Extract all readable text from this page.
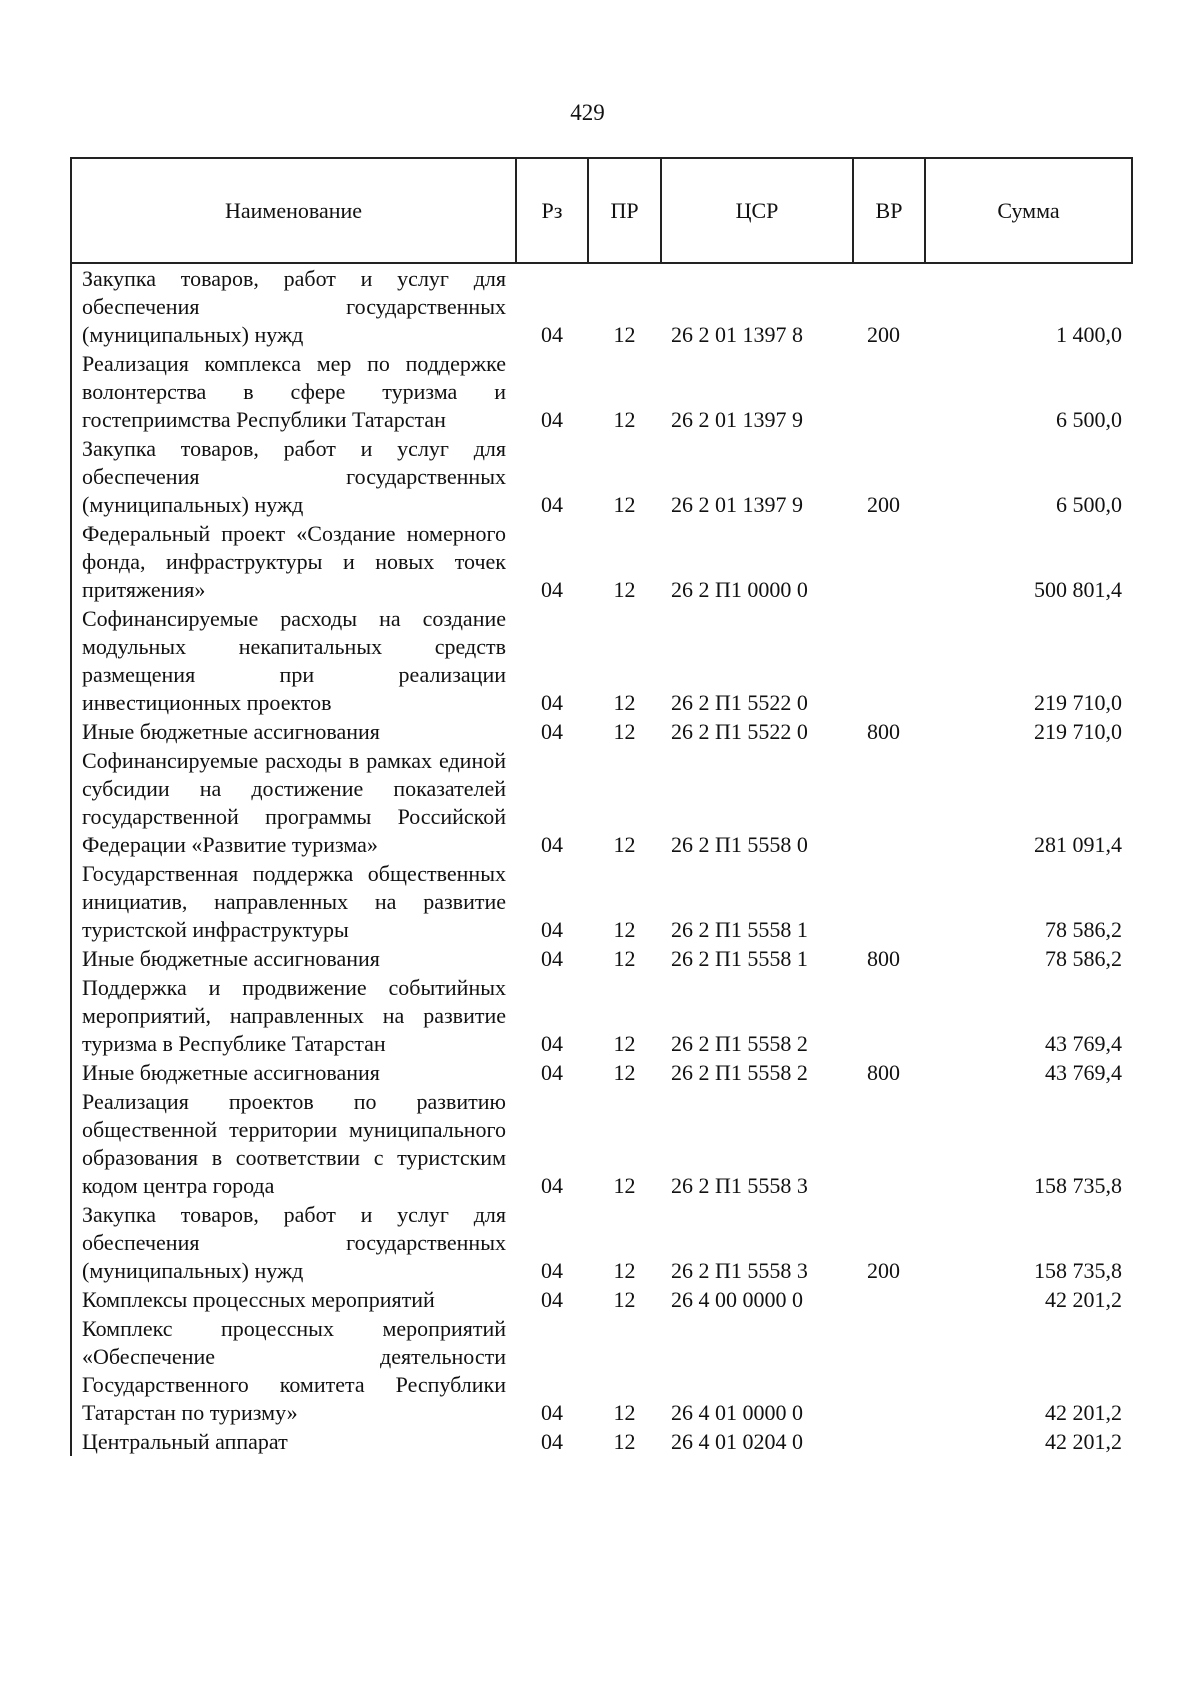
429
Наименование	Рз	ПР	ЦСР	ВР	Сумма
Закупка товаров, работ и услуг для обеспечения государственных (муниципальных) нужд	04	12	26 2 01 1397 8	200	1 400,0
Реализация комплекса мер по поддержке волонтерства в сфере туризма и гостеприимства Республики Татарстан	04	12	26 2 01 1397 9		6 500,0
Закупка товаров, работ и услуг для обеспечения государственных (муниципальных) нужд	04	12	26 2 01 1397 9	200	6 500,0
Федеральный проект «Создание номерного фонда, инфраструктуры и новых точек притяжения»	04	12	26 2 П1 0000 0		500 801,4
Софинансируемые расходы на создание модульных некапитальных средств размещения при реализации инвестиционных проектов	04	12	26 2 П1 5522 0		219 710,0
Иные бюджетные ассигнования	04	12	26 2 П1 5522 0	800	219 710,0
Софинансируемые расходы в рамках единой субсидии на достижение показателей государственной программы Российской Федерации «Развитие туризма»	04	12	26 2 П1 5558 0		281 091,4
Государственная поддержка общественных инициатив, направленных на развитие туристской инфраструктуры	04	12	26 2 П1 5558 1		78 586,2
Иные бюджетные ассигнования	04	12	26 2 П1 5558 1	800	78 586,2
Поддержка и продвижение событийных мероприятий, направленных на развитие туризма в Республике Татарстан	04	12	26 2 П1 5558 2		43 769,4
Иные бюджетные ассигнования	04	12	26 2 П1 5558 2	800	43 769,4
Реализация проектов по развитию общественной территории муниципального образования в соответствии с туристским кодом центра города	04	12	26 2 П1 5558 3		158 735,8
Закупка товаров, работ и услуг для обеспечения государственных (муниципальных) нужд	04	12	26 2 П1 5558 3	200	158 735,8
Комплексы процессных мероприятий	04	12	26 4 00 0000 0		42 201,2
Комплекс процессных мероприятий «Обеспечение деятельности Государственного комитета Республики Татарстан по туризму»	04	12	26 4 01 0000 0		42 201,2
Центральный аппарат	04	12	26 4 01 0204 0		42 201,2
